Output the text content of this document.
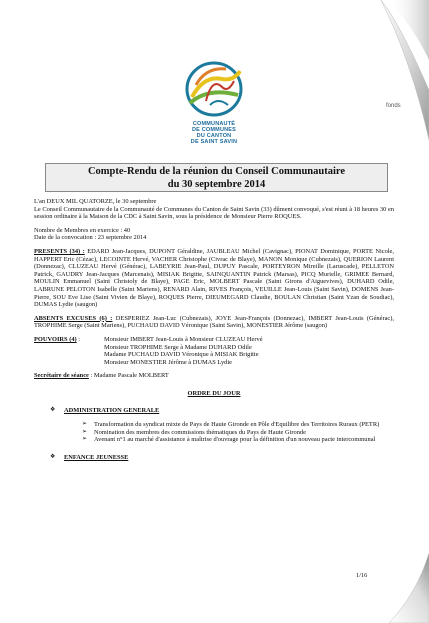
COMMUNAUTÉ
DE COMMUNES
DU CANTON
DE SAINT SAVIN
fonds
Compte-Rendu de la réunion du Conseil Communautaire
du 30 septembre 2014

L'an DEUX MIL QUATORZE, le 30 septembre

Le Conseil Communautaire de la Communauté de Communes du Canton de Saint Savin (33) dûment convoqué, s'est réuni à 18 heures 30 en session ordinaire à la Maison de la CDC à Saint Savin, sous la présidence de Monsieur Pierre ROQUES.

Nombre de Membres en exercice : 40

Date de la convocation : 23 septembre 2014

PRESENTS (34) : EDARD Jean-Jacques, DUPONT Géraldine, JAUBLEAU Michel (Cavignac), PIONAT Dominique, PORTE Nicole, HAPPERT Eric (Cézac), LECOINTE Hervé, VACHER Christophe (Civrac de Blaye), MANON Monique (Cubnezais), QUERION Laurent (Donnezac), CLUZEAU Hervé (Générac), LABEYRIE Jean-Paul, DUPUY Pascale, PORTEYRON Mireille (Laruscade), PELLETON Patrick, GAUDRY Jean-Jacques (Marcenais), MISIAK Brigitte, SAINQUANTIN Patrick (Marsas), PICQ Murielle, GRIMEE Bernard, MOULIN Emmanuel (Saint Christoly de Blaye), PAGE Eric, MOLBERT Pascale (Saint Girons d'Aiguevives), DUHARD Odile, LABRUNE PELOTON Isabelle (Saint Mariens), RENARD Alain, RIVES François, VEUILLE Jean-Louis (Saint Savin), DOMENS Jean-Pierre, SOU Eve Lise (Saint Vivien de Blaye), ROQUES Pierre, DIEUMEGARD Claudie, BOULAN Christian (Saint Yzan de Soudiac), DUMAS Lydie (saugon)

ABSENTS EXCUSES (6) : DESPERIEZ Jean-Luc (Cubnezais), JOYE Jean-François (Donnezac), IMBERT Jean-Louis (Générac), TROPHIME Serge (Saint Mariens), PUCHAUD DAVID Véronique (Saint Savin), MONESTIER Jérôme (saugon)

POUVOIRS (4) :	Monsieur IMBERT Jean-Louis à Monsieur CLUZEAU Hervé
Monsieur TROPHIME Serge à Madame DUHARD Odile
Madame PUCHAUD DAVID Véronique à MISIAK Brigitte
Monsieur MONESTIER Jérôme à DUMAS Lydie

Secrétaire de séance : Madame Pascale MOLBERT

ORDRE DU JOUR
❖	ADMINISTRATION GENERALE
➢	Transformation du syndicat mixte de Pays de Haute Gironde en Pôle d'Equilibre des Territoires Ruraux (PETR)
➢	Nomination des membres des commissions thématiques du Pays de Haute Gironde
➢	Avenant n°1 au marché d'assistance à maîtrise d'ouvrage pour la définition d'un nouveau pacte intercommunal
❖	ENFANCE JEUNESSE
1/16
